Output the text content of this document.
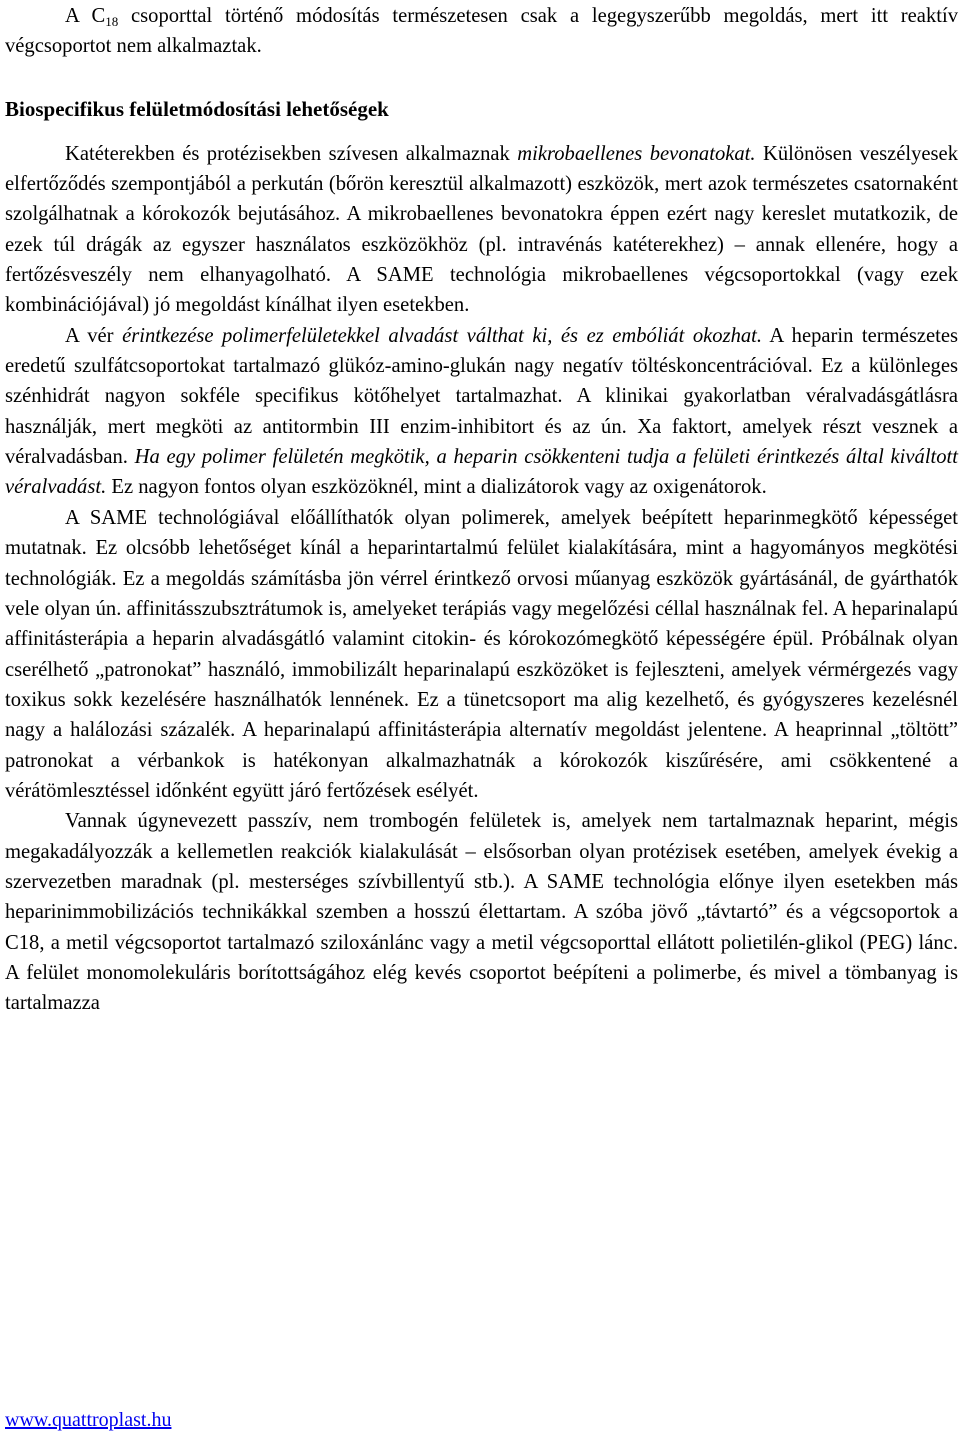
A $C_{18}$ csoporttal történő módosítás természetesen csak a legegyszerűbb megoldás, mert itt reaktív végcsoportot nem alkalmaztak.

Biospecifikus felületmódosítási lehetőségek

Katéterekben és protézisekben szívesen alkalmaznak mikrobaellenes bevonatokat. Különösen veszélyesek elfertőződés szempontjából a perkután (bőrön keresztül alkalmazott) eszközök, mert azok természetes csatornaként szolgálhatnak a kórokozók bejutásához. A mikrobaellenes bevonatokra éppen ezért nagy kereslet mutatkozik, de ezek túl drágák az egyszer használatos eszközökhöz (pl. intravénás katéterekhez) – annak ellenére, hogy a fertőzésveszély nem elhanyagolható. A SAME technológia mikrobaellenes végcsoportokkal (vagy ezek kombinációjával) jó megoldást kínálhat ilyen esetekben.

A vér érintkezése polimerfelületekkel alvadást válthat ki, és ez embóliát okozhat. A heparin természetes eredetű szulfátcsoportokat tartalmazó glükóz-amino-glukán nagy negatív töltéskoncentrációval. Ez a különleges szénhidrát nagyon sokféle specifikus kötőhelyet tartalmazhat. A klinikai gyakorlatban véralvadásgátlásra használják, mert megköti az antitormbin III enzim-inhibitort és az ún. Xa faktort, amelyek részt vesznek a véralvadásban. Ha egy polimer felületén megkötik, a heparin csökkenteni tudja a felületi érintkezés által kiváltott véralvadást. Ez nagyon fontos olyan eszközöknél, mint a dializátorok vagy az oxigenátorok.

A SAME technológiával előállíthatók olyan polimerek, amelyek beépített heparinmegkötő képességet mutatnak. Ez olcsóbb lehetőséget kínál a heparintartalmú felület kialakítására, mint a hagyományos megkötési technológiák. Ez a megoldás számításba jön vérrel érintkező orvosi műanyag eszközök gyártásánál, de gyárthatók vele olyan ún. affinitásszubsztrátumok is, amelyeket terápiás vagy megelőzési céllal használnak fel. A heparinalapú affinitásterápia a heparin alvadásgátló valamint citokin- és kórokozómegkötő képességére épül. Próbálnak olyan cserélhető „patronokat” használó, immobilizált heparinalapú eszközöket is fejleszteni, amelyek vérmérgezés vagy toxikus sokk kezelésére használhatók lennének. Ez a tünetcsoport ma alig kezelhető, és gyógyszeres kezelésnél nagy a halálozási százalék. A heparinalapú affinitásterápia alternatív megoldást jelentene. A heaprinnal „töltött” patronokat a vérbankok is hatékonyan alkalmazhatnák a kórokozók kiszűrésére, ami csökkentené a vérátömlesztéssel időnként együtt járó fertőzések esélyét.

Vannak úgynevezett passzív, nem trombogén felületek is, amelyek nem tartalmaznak heparint, mégis megakadályozzák a kellemetlen reakciók kialakulását – elsősorban olyan protézisek esetében, amelyek évekig a szervezetben maradnak (pl. mesterséges szívbillentyű stb.). A SAME technológia előnye ilyen esetekben más heparinimmobilizációs technikákkal szemben a hosszú élettartam. A szóba jövő „távtartó” és a végcsoportok a C18, a metil végcsoportot tartalmazó sziloxánlánc vagy a metil végcsoporttal ellátott polietilén-glikol (PEG) lánc. A felület monomolekuláris borítottságához elég kevés csoportot beépíteni a polimerbe, és mivel a tömbanyag is tartalmazza

www.quattroplast.hu
